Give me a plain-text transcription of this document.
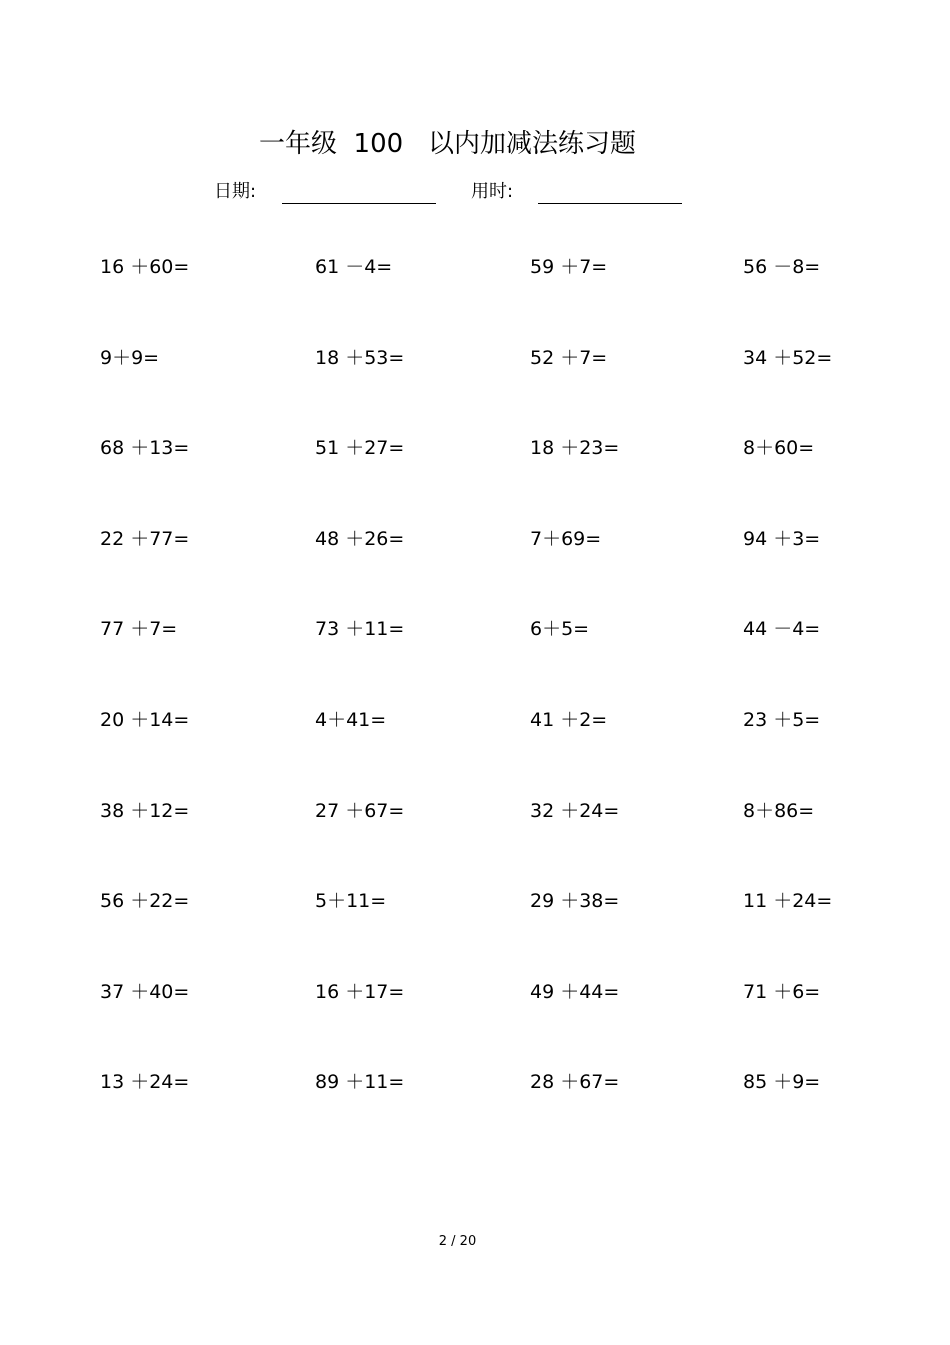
一年级  100   以内加减法练习题
日期:	用时:
16 ＋60=	61 －4=	59 ＋7=	56 －8=
9＋9=	18 ＋53=	52 ＋7=	34 ＋52=
68 ＋13=	51 ＋27=	18 ＋23=	8＋60=
22 ＋77=	48 ＋26=	7＋69=	94 ＋3=
77 ＋7=	73 ＋11=	6＋5=	44 －4=
20 ＋14=	4＋41=	41 ＋2=	23 ＋5=
38 ＋12=	27 ＋67=	32 ＋24=	8＋86=
56 ＋22=	5＋11=	29 ＋38=	11 ＋24=
37 ＋40=	16 ＋17=	49 ＋44=	71 ＋6=
13 ＋24=	89 ＋11=	28 ＋67=	85 ＋9=
2 / 20
